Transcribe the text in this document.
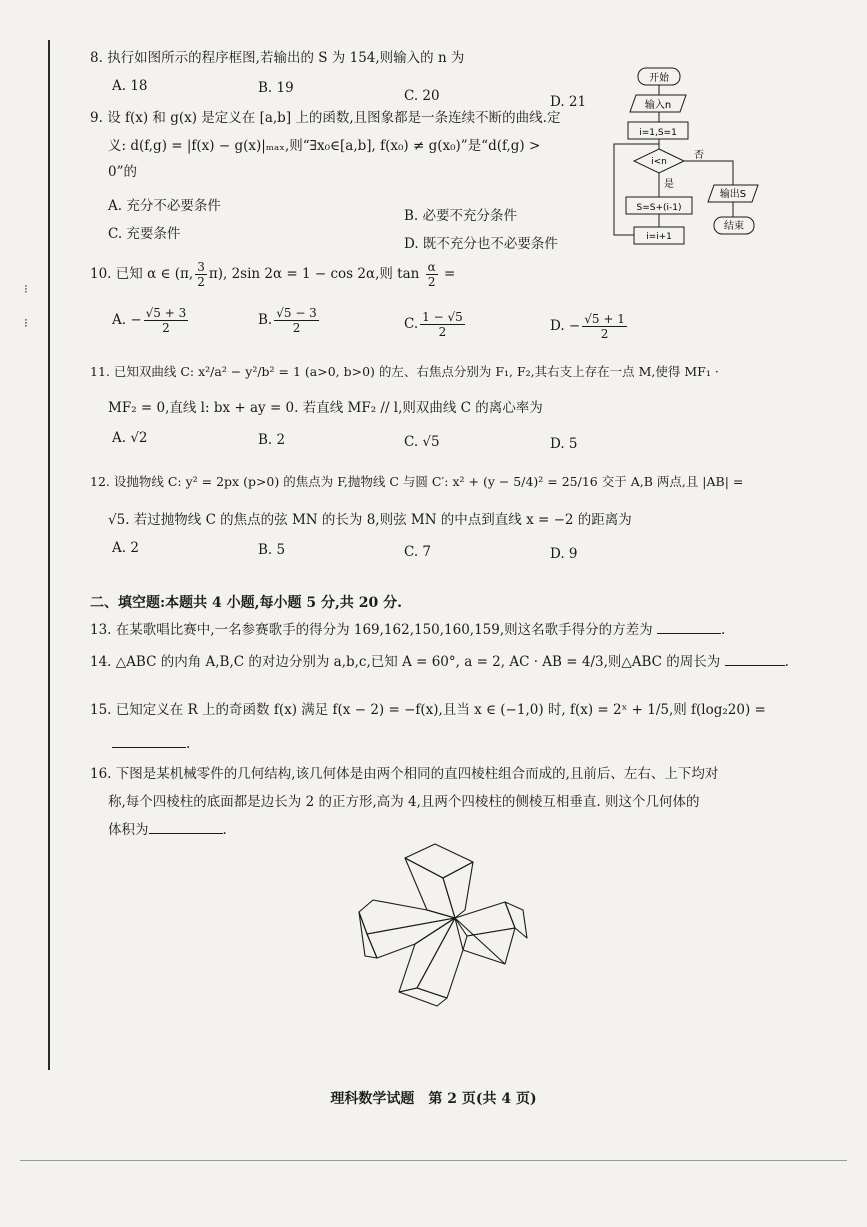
8. 执行如图所示的程序框图,若输出的 S 为 154,则输入的 n 为
A. 18	B. 19	C. 20	D. 21
开始
输入n
i=1,S=1
i<n
否
是
S=S+(i-1)
i=i+1
输出S
结束
9. 设 f(x) 和 g(x) 是定义在 [a,b] 上的函数,且图象都是一条连续不断的曲线.定
义: d(f,g) = |f(x) − g(x)|ₘₐₓ,则“∃x₀∈[a,b], f(x₀) ≠ g(x₀)”是“d(f,g) >
0”的
A. 充分不必要条件
B. 必要不充分条件
C. 充要条件
D. 既不充分也不必要条件
10. 已知 α ∈ (π, $\frac{3}{2} \pi$), 2sin 2α = 1 − cos 2α,则 $\tan \frac{\alpha}{2}$ =
A. − $\frac{√5 + 3}{2}$	B. $\frac{√5 - 3}{2}$	C. $\frac{1 - √5}{2}$	D. − $\frac{√5 + 1}{2}$
11. 已知双曲线 C: x²/a² − y²/b² = 1 (a>0, b>0) 的左、右焦点分别为 F₁, F₂,其右支上存在一点 M,使得 MF₁ ·
MF₂ = 0,直线 l: bx + ay = 0. 若直线 MF₂ // l,则双曲线 C 的离心率为
A. √2	B. 2	C. √5	D. 5
12. 设抛物线 C: y² = 2px (p>0) 的焦点为 F,抛物线 C 与圆 C′: x² + (y − 5/4)² = 25/16 交于 A,B 两点,且 |AB| =
√5. 若过抛物线 C 的焦点的弦 MN 的长为 8,则弦 MN 的中点到直线 x = −2 的距离为
A. 2	B. 5	C. 7	D. 9
二、填空题:本题共 4 小题,每小题 5 分,共 20 分.
13. 在某歌唱比赛中,一名参赛歌手的得分为 169,162,150,160,159,则这名歌手得分的方差为	.
14. △ABC 的内角 A,B,C 的对边分别为 a,b,c,已知 A = 60°, a = 2, AC · AB = 4/3,则△ABC 的周长为	.
15. 已知定义在 R 上的奇函数 f(x) 满足 f(x − 2) = −f(x),且当 x ∈ (−1,0) 时, f(x) = 2ˣ + 1/5,则 f(log₂20) =
.
16. 下图是某机械零件的几何结构,该几何体是由两个相同的直四棱柱组合而成的,且前后、左右、上下均对
称,每个四棱柱的底面都是边长为 2 的正方形,高为 4,且两个四棱柱的侧棱互相垂直. 则这个几何体的
体积为	.
⁝
⁝
理科数学试题　第 2 页(共 4 页)
